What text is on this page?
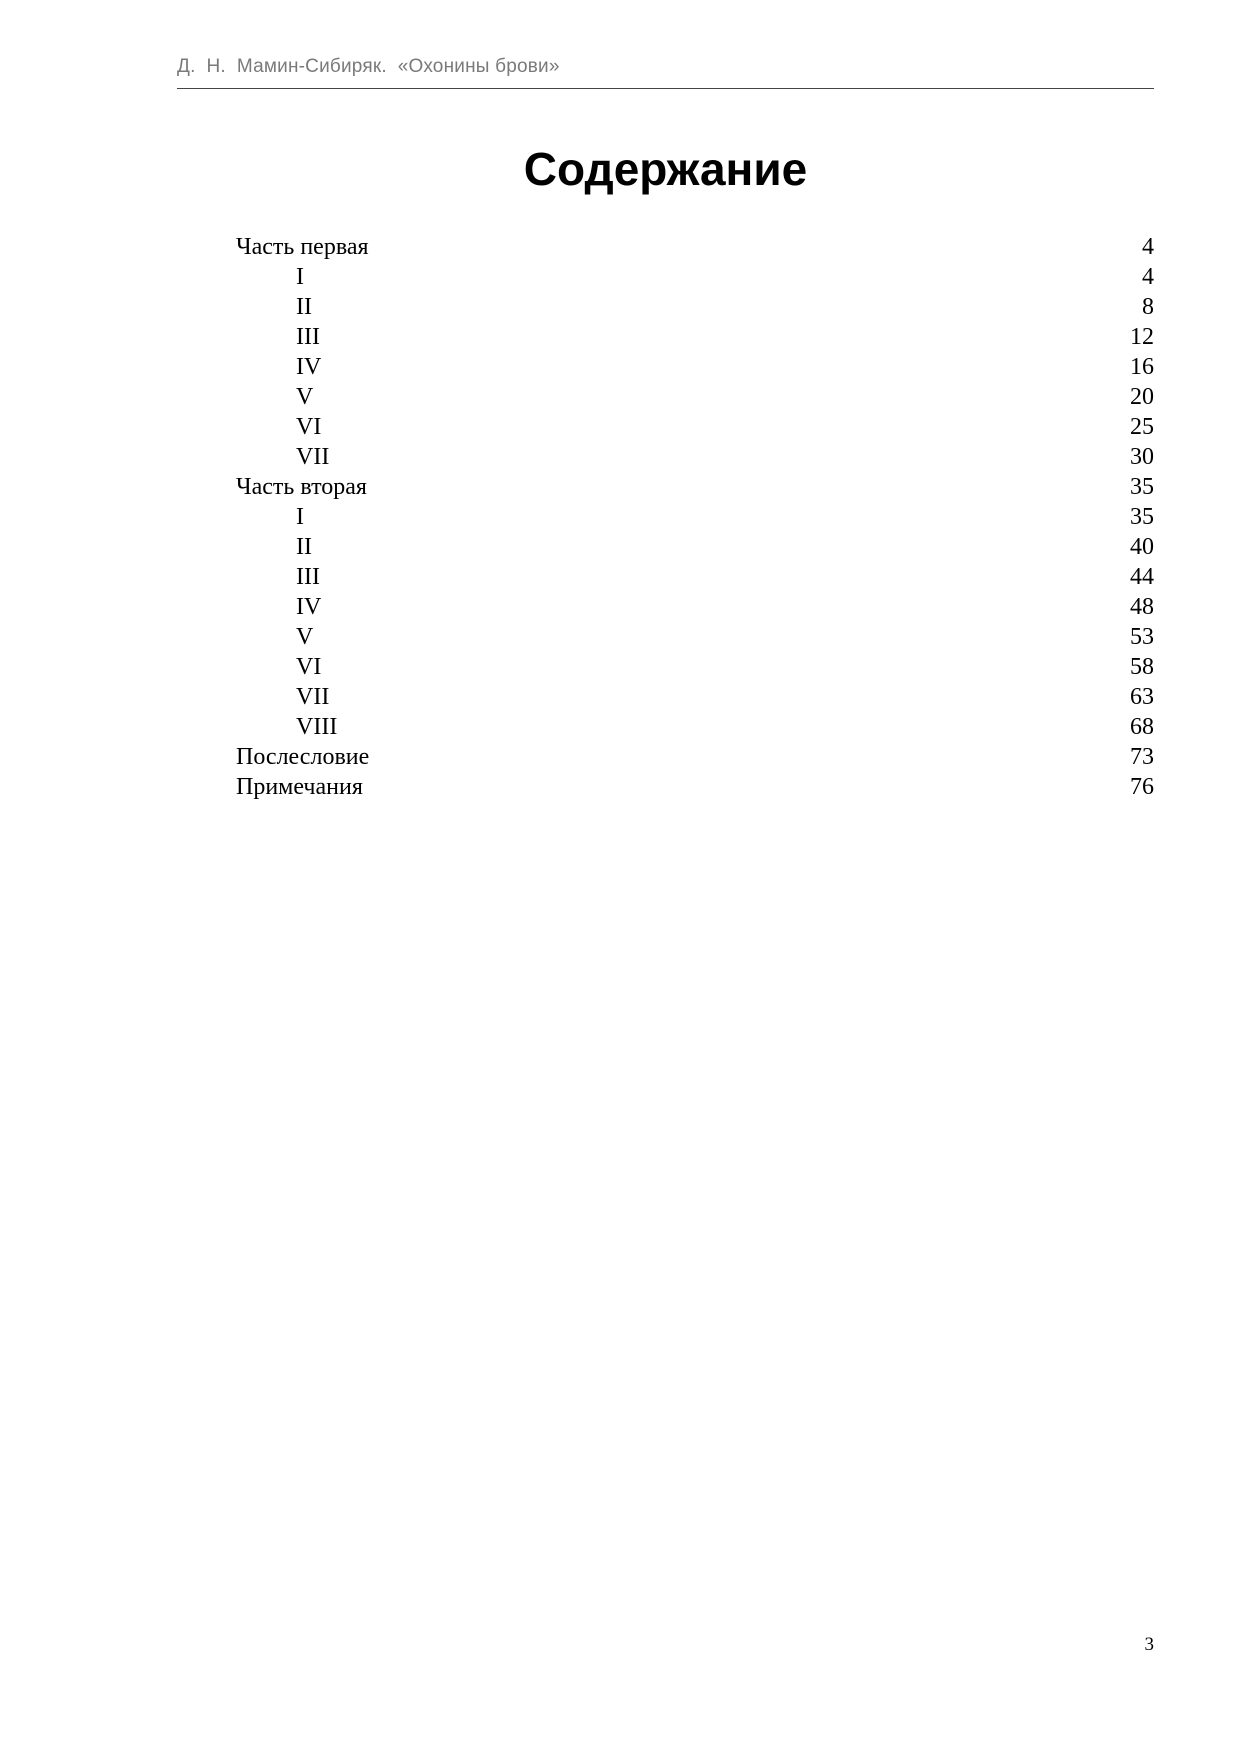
Д.  Н.  Мамин-Сибиряк.  «Охонины брови»
Содержание
Часть первая	4
I	4
II	8
III	12
IV	16
V	20
VI	25
VII	30
Часть вторая	35
I	35
II	40
III	44
IV	48
V	53
VI	58
VII	63
VIII	68
Послесловие	73
Примечания	76
3
